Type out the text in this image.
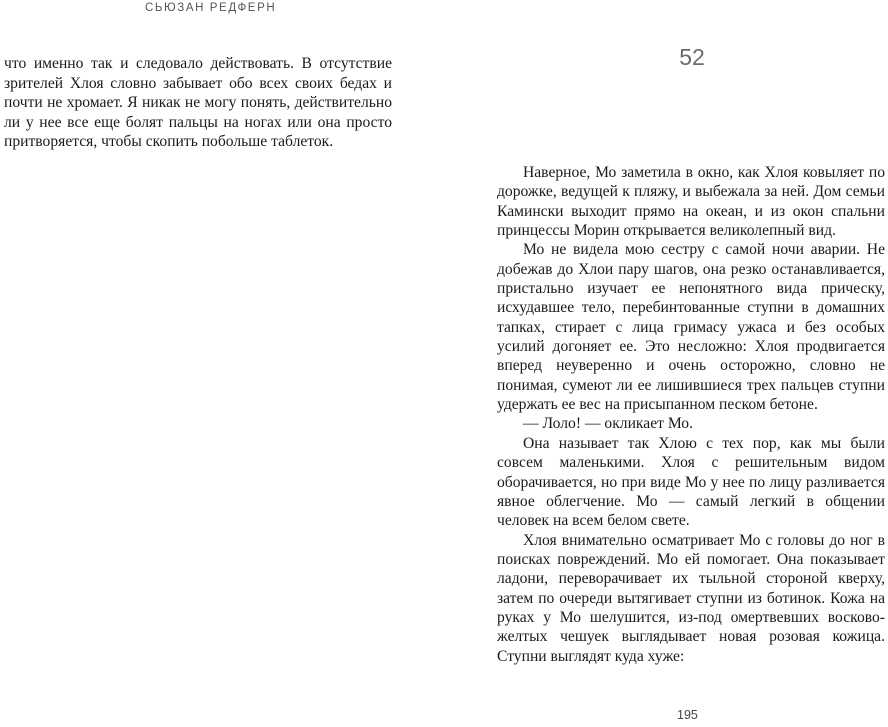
СЬЮЗАН РЕДФЕРН

что именно так и следовало действовать. В отсутствие зрителей Хлоя словно забывает обо всех своих бедах и почти не хромает. Я никак не могу понять, действительно ли у нее все еще болят пальцы на ногах или она просто притворяется, чтобы скопить побольше таблеток.

52

Наверное, Мо заметила в окно, как Хлоя ковыляет по дорожке, ведущей к пляжу, и выбежала за ней. Дом семьи Камински выходит прямо на океан, и из окон спальни принцессы Морин открывается великолепный вид.

Мо не видела мою сестру с самой ночи аварии. Не добежав до Хлои пару шагов, она резко останавливается, пристально изучает ее непонятного вида прическу, исхудавшее тело, перебинтованные ступни в домашних тапках, стирает с лица гримасу ужаса и без особых усилий догоняет ее. Это несложно: Хлоя продвигается вперед неуверенно и очень осторожно, словно не понимая, сумеют ли ее лишившиеся трех пальцев ступни удержать ее вес на присыпанном песком бетоне.

— Лоло! — окликает Мо.

Она называет так Хлою с тех пор, как мы были совсем маленькими. Хлоя с решительным видом оборачивается, но при виде Мо у нее по лицу разливается явное облегчение. Мо — самый легкий в общении человек на всем белом свете.

Хлоя внимательно осматривает Мо с головы до ног в поисках повреждений. Мо ей помогает. Она показывает ладони, переворачивает их тыльной стороной кверху, затем по очереди вытягивает ступни из ботинок. Кожа на руках у Мо шелушится, из-под омертвевших восково-желтых чешуек выглядывает новая розовая кожица. Ступни выглядят куда хуже:

195
